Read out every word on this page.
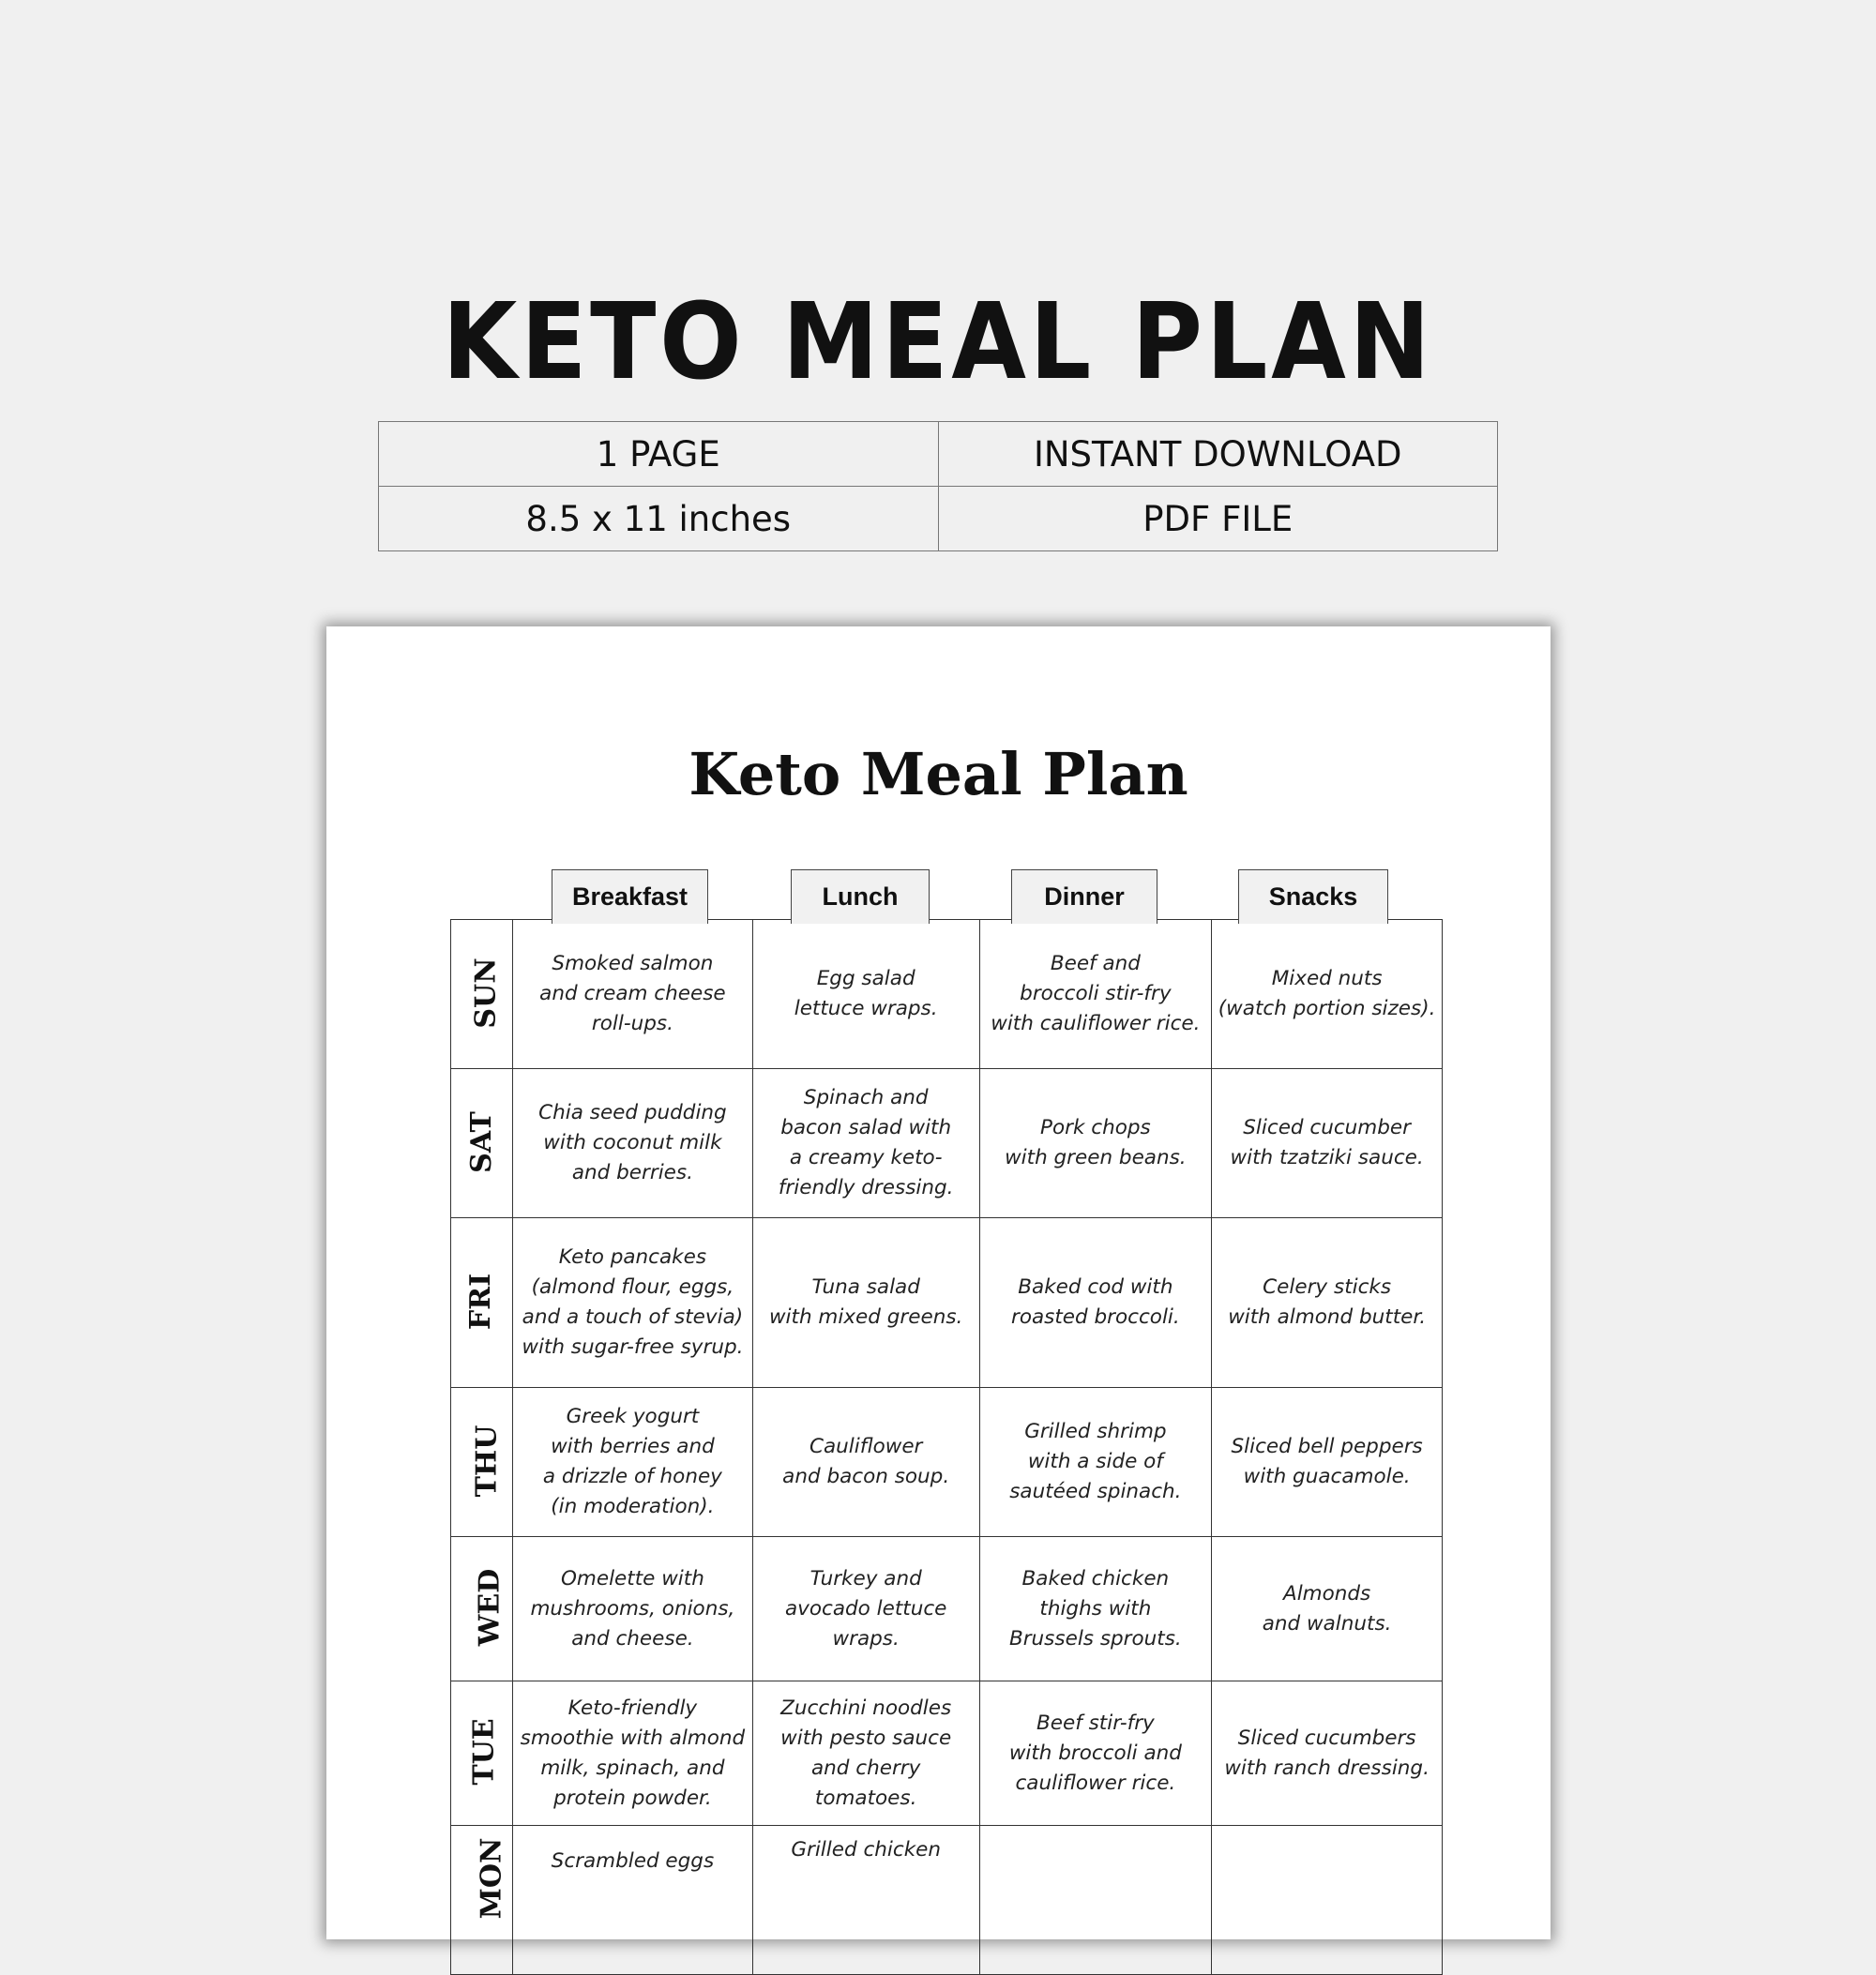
KETO MEAL PLAN
1 PAGE	INSTANT DOWNLOAD
8.5 x 11 inches	PDF FILE
Keto Meal Plan
Breakfast	Lunch	Dinner	Snacks
SUN	Smoked salmon
and cream cheese
roll-ups.	Egg salad
lettuce wraps.	Beef and
broccoli stir-fry
with cauliflower rice.	Mixed nuts
(watch portion sizes).
SAT	Chia seed pudding
with coconut milk
and berries.	Spinach and
bacon salad with
a creamy keto-
friendly dressing.	Pork chops
with green beans.	Sliced cucumber
with tzatziki sauce.
FRI	Keto pancakes
(almond flour, eggs,
and a touch of stevia)
with sugar-free syrup.	Tuna salad
with mixed greens.	Baked cod with
roasted broccoli.	Celery sticks
with almond butter.
THU	Greek yogurt
with berries and
a drizzle of honey
(in moderation).	Cauliflower
and bacon soup.	Grilled shrimp
with a side of
sautéed spinach.	Sliced bell peppers
with guacamole.
WED	Omelette with
mushrooms, onions,
and cheese.	Turkey and
avocado lettuce
wraps.	Baked chicken
thighs with
Brussels sprouts.	Almonds
and walnuts.
TUE	Keto-friendly
smoothie with almond
milk, spinach, and
protein powder.	Zucchini noodles
with pesto sauce
and cherry
tomatoes.	Beef stir-fry
with broccoli and
cauliflower rice.	Sliced cucumbers
with ranch dressing.
MON	Scrambled eggs	Grilled chicken		
